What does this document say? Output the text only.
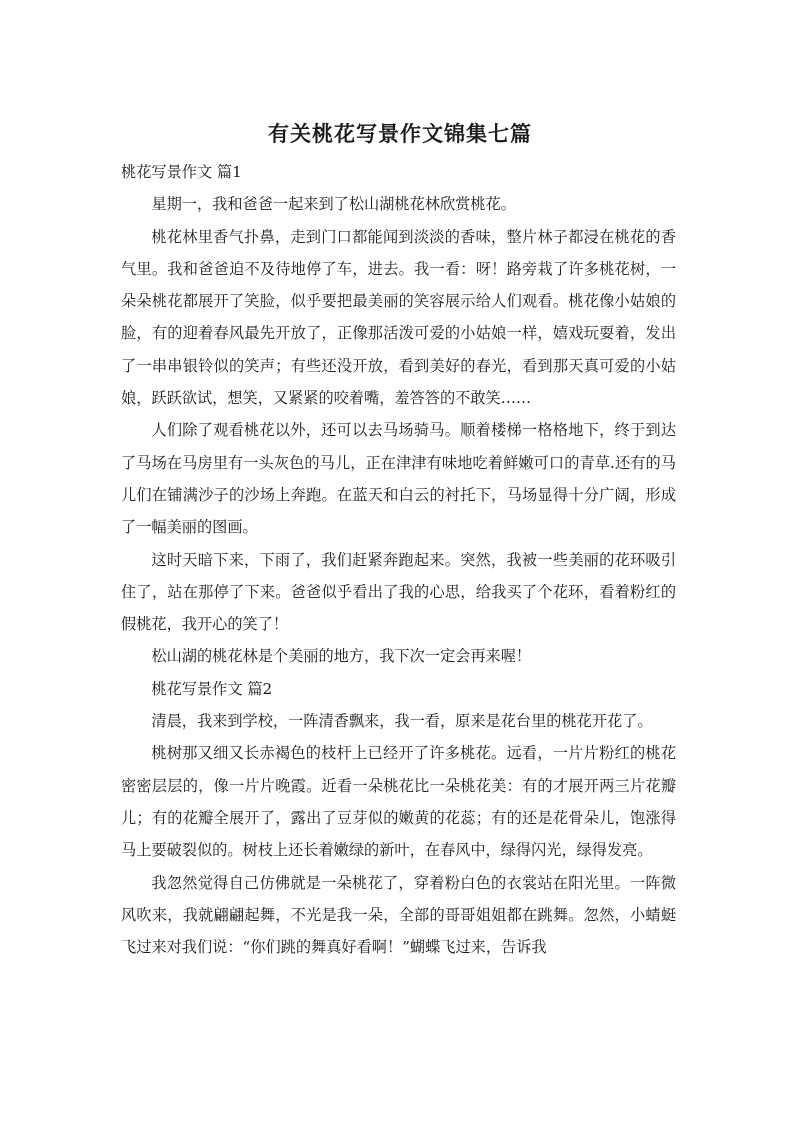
有关桃花写景作文锦集七篇

桃花写景作文 篇1

星期一，我和爸爸一起来到了松山湖桃花林欣赏桃花。

桃花林里香气扑鼻，走到门口都能闻到淡淡的香味，整片林子都浸在桃花的香气里。我和爸爸迫不及待地停了车，进去。我一看：呀！路旁栽了许多桃花树，一朵朵桃花都展开了笑脸，似乎要把最美丽的笑容展示给人们观看。桃花像小姑娘的脸，有的迎着春风最先开放了，正像那活泼可爱的小姑娘一样，嬉戏玩耍着，发出了一串串银铃似的笑声；有些还没开放，看到美好的春光，看到那天真可爱的小姑娘，跃跃欲试，想笑，又紧紧的咬着嘴，羞答答的不敢笑……

人们除了观看桃花以外，还可以去马场骑马。顺着楼梯一格格地下，终于到达了马场在马房里有一头灰色的马儿，正在津津有味地吃着鲜嫩可口的青草.还有的马儿们在铺满沙子的沙场上奔跑。在蓝天和白云的衬托下，马场显得十分广阔，形成了一幅美丽的图画。

这时天暗下来，下雨了，我们赶紧奔跑起来。突然，我被一些美丽的花环吸引住了，站在那停了下来。爸爸似乎看出了我的心思，给我买了个花环，看着粉红的假桃花，我开心的笑了！

松山湖的桃花林是个美丽的地方，我下次一定会再来喔！

桃花写景作文 篇2

清晨，我来到学校，一阵清香飘来，我一看，原来是花台里的桃花开花了。

桃树那又细又长赤褐色的枝杆上已经开了许多桃花。远看，一片片粉红的桃花密密层层的，像一片片晚霞。近看一朵桃花比一朵桃花美：有的才展开两三片花瓣儿；有的花瓣全展开了，露出了豆芽似的嫩黄的花蕊；有的还是花骨朵儿，饱涨得马上要破裂似的。树枝上还长着嫩绿的新叶，在春风中，绿得闪光，绿得发亮。

我忽然觉得自己仿佛就是一朵桃花了，穿着粉白色的衣裳站在阳光里。一阵微风吹来，我就翩翩起舞，不光是我一朵，全部的哥哥姐姐都在跳舞。忽然，小蜻蜓飞过来对我们说：“你们跳的舞真好看啊！”蝴蝶飞过来，告诉我
